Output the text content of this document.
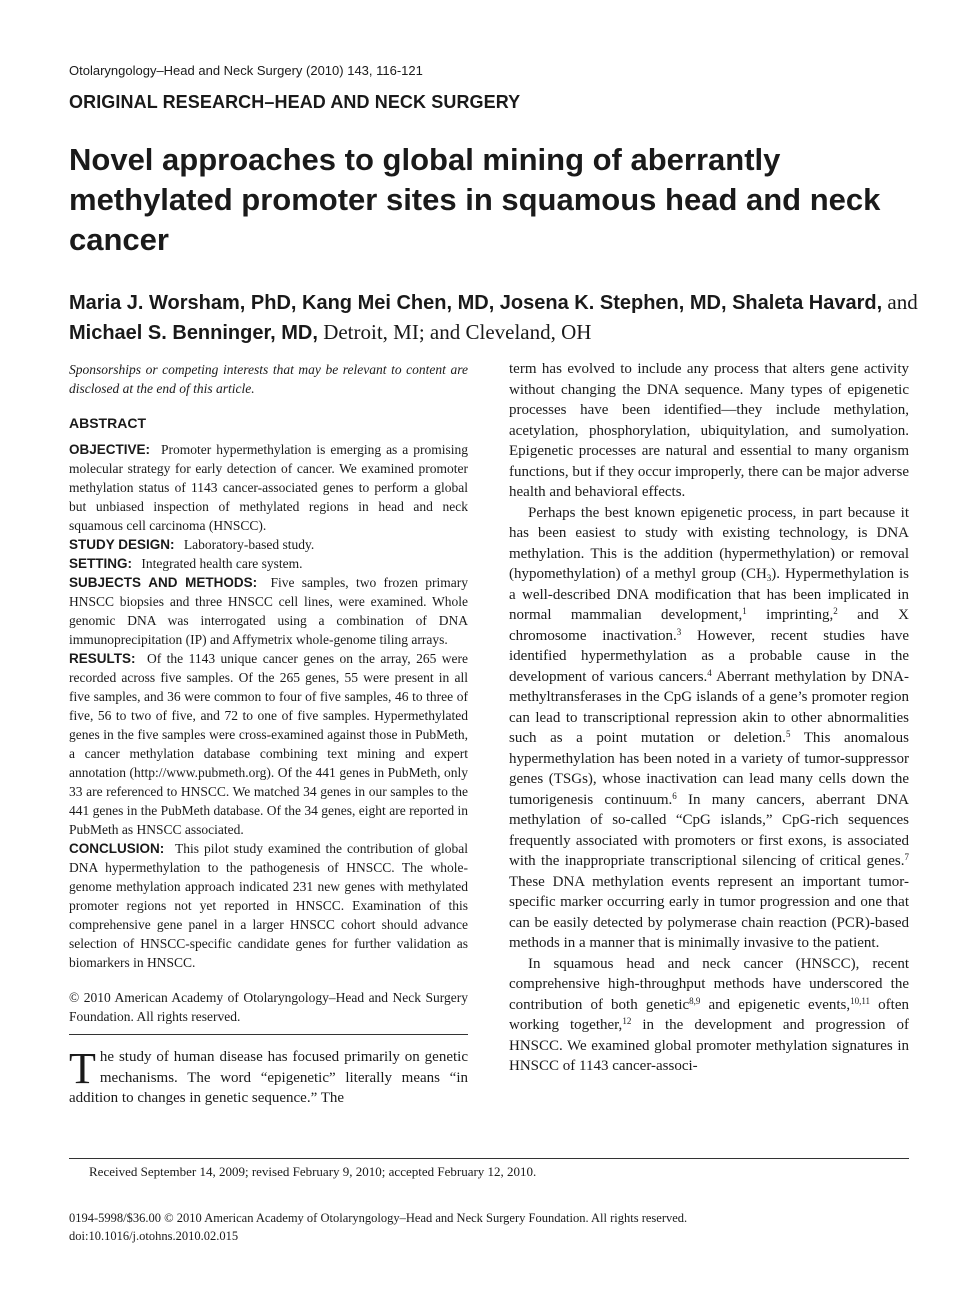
Otolaryngology–Head and Neck Surgery (2010) 143, 116-121
ORIGINAL RESEARCH–HEAD AND NECK SURGERY
Novel approaches to global mining of aberrantly methylated promoter sites in squamous head and neck cancer
Maria J. Worsham, PhD, Kang Mei Chen, MD, Josena K. Stephen, MD, Shaleta Havard, and Michael S. Benninger, MD, Detroit, MI; and Cleveland, OH

Sponsorships or competing interests that may be relevant to content are disclosed at the end of this article.

ABSTRACT

OBJECTIVE: Promoter hypermethylation is emerging as a promising molecular strategy for early detection of cancer. We examined promoter methylation status of 1143 cancer-associated genes to perform a global but unbiased inspection of methylated regions in head and neck squamous cell carcinoma (HNSCC).

STUDY DESIGN: Laboratory-based study.

SETTING: Integrated health care system.

SUBJECTS AND METHODS: Five samples, two frozen primary HNSCC biopsies and three HNSCC cell lines, were examined. Whole genomic DNA was interrogated using a combination of DNA immunoprecipitation (IP) and Affymetrix whole-genome tiling arrays.

RESULTS: Of the 1143 unique cancer genes on the array, 265 were recorded across five samples. Of the 265 genes, 55 were present in all five samples, and 36 were common to four of five samples, 46 to three of five, 56 to two of five, and 72 to one of five samples. Hypermethylated genes in the five samples were cross-examined against those in PubMeth, a cancer methylation database combining text mining and expert annotation (http://www.pubmeth.org). Of the 441 genes in PubMeth, only 33 are referenced to HNSCC. We matched 34 genes in our samples to the 441 genes in the PubMeth database. Of the 34 genes, eight are reported in PubMeth as HNSCC associated.

CONCLUSION: This pilot study examined the contribution of global DNA hypermethylation to the pathogenesis of HNSCC. The whole-genome methylation approach indicated 231 new genes with methylated promoter regions not yet reported in HNSCC. Examination of this comprehensive gene panel in a larger HNSCC cohort should advance selection of HNSCC-specific candidate genes for further validation as biomarkers in HNSCC.

© 2010 American Academy of Otolaryngology–Head and Neck Surgery Foundation. All rights reserved.

The study of human disease has focused primarily on genetic mechanisms. The word “epigenetic” literally means “in addition to changes in genetic sequence.” The

term has evolved to include any process that alters gene activity without changing the DNA sequence. Many types of epigenetic processes have been identified—they include methylation, acetylation, phosphorylation, ubiquitylation, and sumolyation. Epigenetic processes are natural and essential to many organism functions, but if they occur improperly, there can be major adverse health and behavioral effects.

Perhaps the best known epigenetic process, in part because it has been easiest to study with existing technology, is DNA methylation. This is the addition (hypermethylation) or removal (hypomethylation) of a methyl group $(CH_3)$. Hypermethylation is a well-described DNA modification that has been implicated in normal mammalian development,$^1$ imprinting,$^2$ and X chromosome inactivation.$^3$ However, recent studies have identified hypermethylation as a probable cause in the development of various cancers.$^4$ Aberrant methylation by DNA-methyltransferases in the CpG islands of a gene’s promoter region can lead to transcriptional repression akin to other abnormalities such as a point mutation or deletion.$^5$ This anomalous hypermethylation has been noted in a variety of tumor-suppressor genes (TSGs), whose inactivation can lead many cells down the tumorigenesis continuum.$^6$ In many cancers, aberrant DNA methylation of so-called “CpG islands,” CpG-rich sequences frequently associated with promoters or first exons, is associated with the inappropriate transcriptional silencing of critical genes.$^7$ These DNA methylation events represent an important tumor-specific marker occurring early in tumor progression and one that can be easily detected by polymerase chain reaction (PCR)-based methods in a manner that is minimally invasive to the patient.

In squamous head and neck cancer (HNSCC), recent comprehensive high-throughput methods have underscored the contribution of both genetic$^{8,9}$ and epigenetic events,$^{10,11}$ often working together,$^{12}$ in the development and progression of HNSCC. We examined global promoter methylation signatures in HNSCC of 1143 cancer-associ-

Received September 14, 2009; revised February 9, 2010; accepted February 12, 2010.
0194-5998/$36.00 © 2010 American Academy of Otolaryngology–Head and Neck Surgery Foundation. All rights reserved.
doi:10.1016/j.otohns.2010.02.015
